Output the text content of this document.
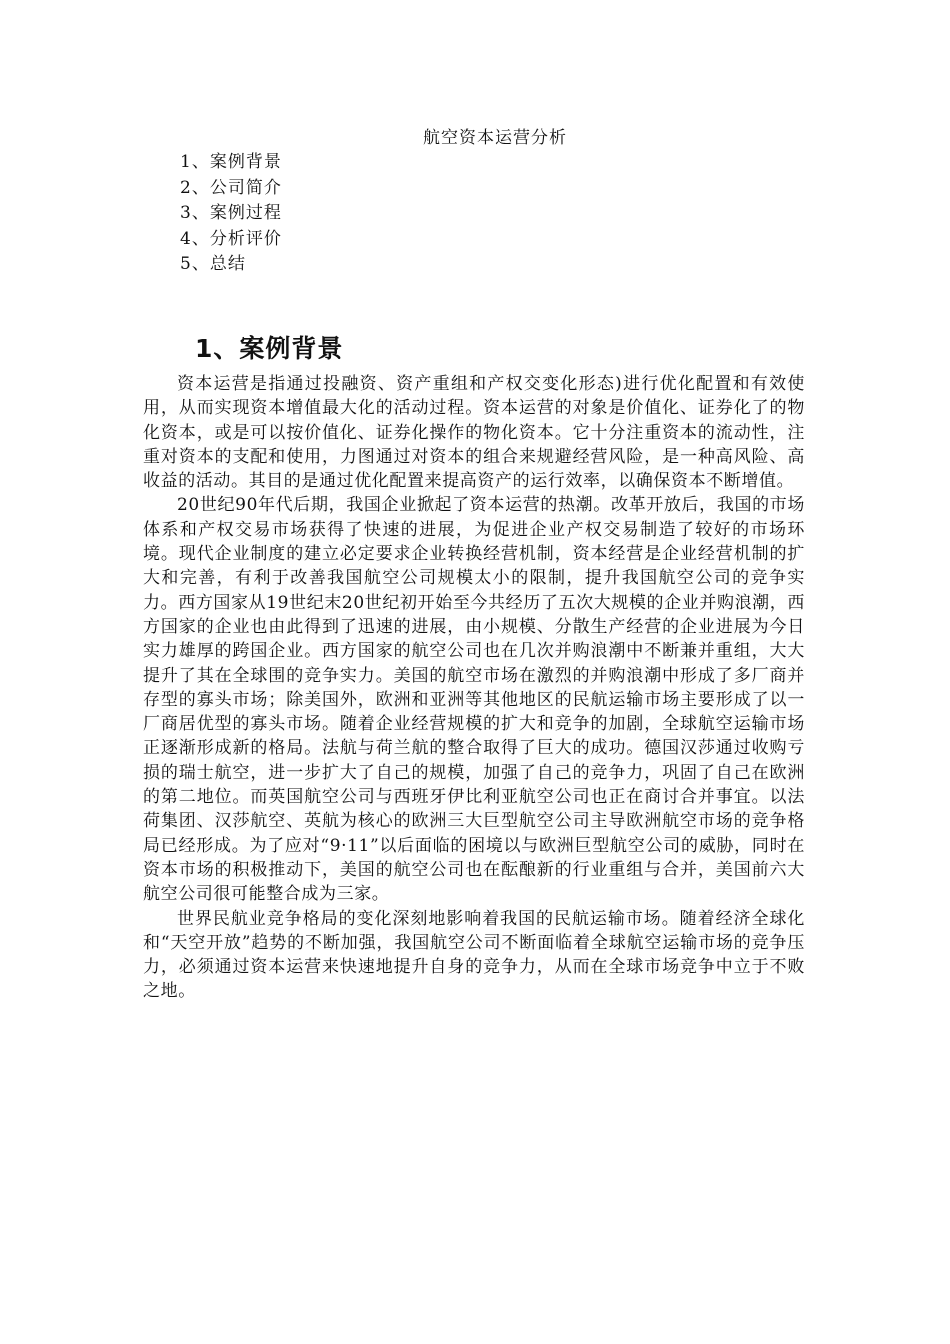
航空资本运营分析
1、案例背景
2、公司简介
3、案例过程
4、分析评价
5、总结
1、案例背景

资本运营是指通过投融资、资产重组和产权交变化形态)进行优化配置和有效使用，从而实现资本增值最大化的活动过程。资本运营的对象是价值化、证券化了的物化资本，或是可以按价值化、证券化操作的物化资本。它十分注重资本的流动性，注重对资本的支配和使用，力图通过对资本的组合来规避经营风险，是一种高风险、高收益的活动。其目的是通过优化配置来提高资产的运行效率，以确保资本不断增值。

20世纪90年代后期，我国企业掀起了资本运营的热潮。改革开放后，我国的市场体系和产权交易市场获得了快速的进展，为促进企业产权交易制造了较好的市场环境。现代企业制度的建立必定要求企业转换经营机制，资本经营是企业经营机制的扩大和完善，有利于改善我国航空公司规模太小的限制，提升我国航空公司的竞争实力。西方国家从19世纪末20世纪初开始至今共经历了五次大规模的企业并购浪潮，西方国家的企业也由此得到了迅速的进展，由小规模、分散生产经营的企业进展为今日实力雄厚的跨国企业。西方国家的航空公司也在几次并购浪潮中不断兼并重组，大大提升了其在全球围的竞争实力。美国的航空市场在激烈的并购浪潮中形成了多厂商并存型的寡头市场；除美国外，欧洲和亚洲等其他地区的民航运输市场主要形成了以一厂商居优型的寡头市场。随着企业经营规模的扩大和竞争的加剧，全球航空运输市场正逐渐形成新的格局。法航与荷兰航的整合取得了巨大的成功。德国汉莎通过收购亏损的瑞士航空，进一步扩大了自己的规模，加强了自己的竞争力，巩固了自己在欧洲的第二地位。而英国航空公司与西班牙伊比利亚航空公司也正在商讨合并事宜。以法荷集团、汉莎航空、英航为核心的欧洲三大巨型航空公司主导欧洲航空市场的竞争格局已经形成。为了应对“9·11”以后面临的困境以与欧洲巨型航空公司的威胁，同时在资本市场的积极推动下，美国的航空公司也在酝酿新的行业重组与合并，美国前六大航空公司很可能整合成为三家。

世界民航业竞争格局的变化深刻地影响着我国的民航运输市场。随着经济全球化和“天空开放”趋势的不断加强，我国航空公司不断面临着全球航空运输市场的竞争压力，必须通过资本运营来快速地提升自身的竞争力，从而在全球市场竞争中立于不败之地。
